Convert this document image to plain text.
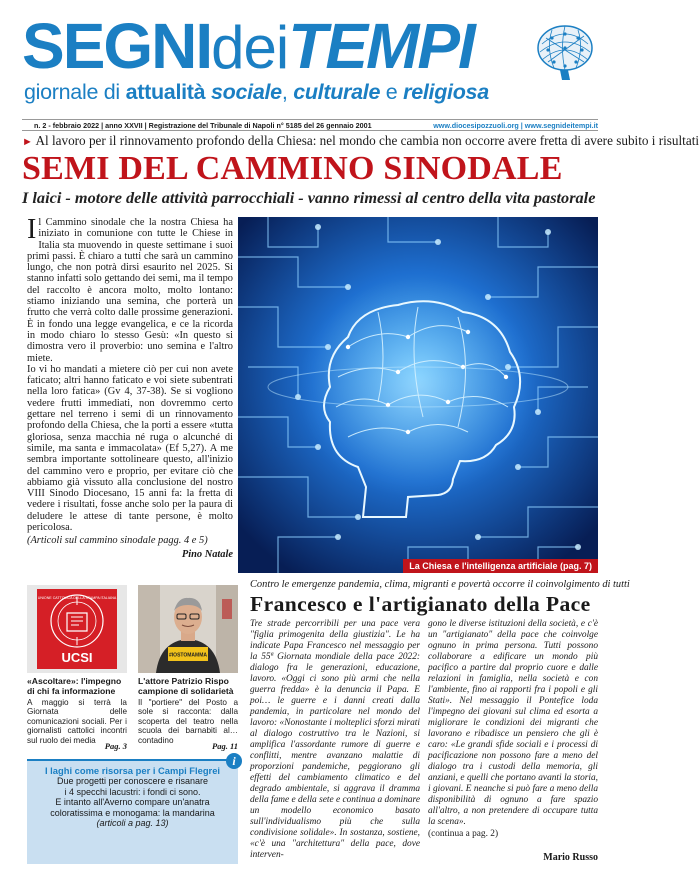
SEGNIdeiTEMPI
giornale di attualità sociale, culturale e religiosa
n. 2 - febbraio 2022 | anno XXVII | Registrazione del Tribunale di Napoli n° 5185 del 26 gennaio 2001	www.diocesipozzuoli.org | www.segnideitempi.it
► Al lavoro per il rinnovamento profondo della Chiesa: nel mondo che cambia non occorre avere fretta di avere subito i risultati
SEMI DEL CAMMINO SINODALE
I laici - motore delle attività parrocchiali - vanno rimessi al centro della vita pastorale

Il Cammino sinodale che la nostra Chiesa ha iniziato in comunione con tutte le Chiese in Italia sta muovendo in queste settimane i suoi primi passi. È chiaro a tutti che sarà un cammino lungo, che non potrà dirsi esaurito nel 2025. Si stanno infatti solo gettando dei semi, ma il tempo del raccolto è ancora molto, molto lontano: stiamo iniziando una semina, che porterà un frutto che verrà colto dalle prossime generazioni. È in fondo una legge evangelica, e ce la ricorda in modo chiaro lo stesso Gesù: «In questo si dimostra vero il proverbio: uno semina e l'altro miete.

Io vi ho mandati a mietere ciò per cui non avete faticato; altri hanno faticato e voi siete subentrati nella loro fatica» (Gv 4, 37-38). Se si vogliono vedere frutti immediati, non dovremmo certo gettare nel terreno i semi di un rinnovamento profondo della Chiesa, che la porti a essere «tutta gloriosa, senza macchia né ruga o alcunché di simile, ma santa e immacolata» (Ef 5,27). A me sembra importante sottolineare questo, all'inizio del cammino vero e proprio, per evitare ciò che abbiamo già vissuto alla conclusione del nostro VIII Sinodo Diocesano, 15 anni fa: la fretta di vedere i risultati, fosse anche solo per la paura di deludere le attese di tante persone, è molto pericolosa.

(Articoli sul cammino sinodale pagg. 4 e 5)

Pino Natale

La Chiesa e l'intelligenza artificiale (pag. 7)
UCSI
UNIONE CATTOLICA DELLA STAMPA ITALIANA
«Ascoltare»: l'impegno di chi fa informazione
A maggio si terrà la Giornata delle comunicazioni sociali. Per i giornalisti cattolici incontri sul ruolo dei media
Pag. 3
#IOSTOMAMMA
L'attore Patrizio Rispo campione di solidarietà
Il "portiere" del Posto a sole si racconta: dalla scoperta del teatro nella scuola dei barnabiti al… contadino
Pag. 11
i
I laghi come risorsa per i Campi Flegrei
Due progetti per conoscere e risanare
i 4 specchi lacustri: i fondi ci sono.
E intanto all'Averno compare un'anatra
coloratissima e monogama: la mandarina
(articoli a pag. 13)
Contro le emergenze pandemia, clima, migranti e povertà occorre il coinvolgimento di tutti
Francesco e l'artigianato della Pace
Tre strade percorribili per una pace vera "figlia primogenita della giustizia". Le ha indicate Papa Francesco nel messaggio per la 55ª Giornata mondiale della pace 2022: dialogo fra le generazioni, educazione, lavoro. «Oggi ci sono più armi che nella guerra fredda» è la denuncia il Papa. E poi… le guerre e i danni creati dalla pandemia, in particolare nel mondo del lavoro: «Nonostante i molteplici sforzi mirati al dialogo costruttivo tra le Nazioni, si amplifica l'assordante rumore di guerre e conflitti, mentre avanzano malattie di proporzioni pandemiche, peggiorano gli effetti del cambiamento climatico e del degrado ambientale, si aggrava il dramma della fame e della sete e continua a dominare un modello economico basato sull'individualismo più che sulla condivisione solidale». In sostanza, sostiene, «c'è una "architettura" della pace, dove interven-
gono le diverse istituzioni della società, e c'è un "artigianato" della pace che coinvolge ognuno in prima persona. Tutti possono collaborare a edificare un mondo più pacifico a partire dal proprio cuore e dalle relazioni in famiglia, nella società e con l'ambiente, fino ai rapporti fra i popoli e gli Stati». Nel messaggio il Pontefice loda l'impegno dei giovani sul clima ed esorta a migliorare le condizioni dei migranti che lavorano e ribadisce un pensiero che gli è caro: «Le grandi sfide sociali e i processi di pacificazione non possono fare a meno del dialogo tra i custodi della memoria, gli anziani, e quelli che portano avanti la storia, i giovani. E neanche si può fare a meno della disponibilità di ognuno a fare spazio all'altro, a non pretendere di occupare tutta la scena».
(continua a pag. 2)
Mario Russo
